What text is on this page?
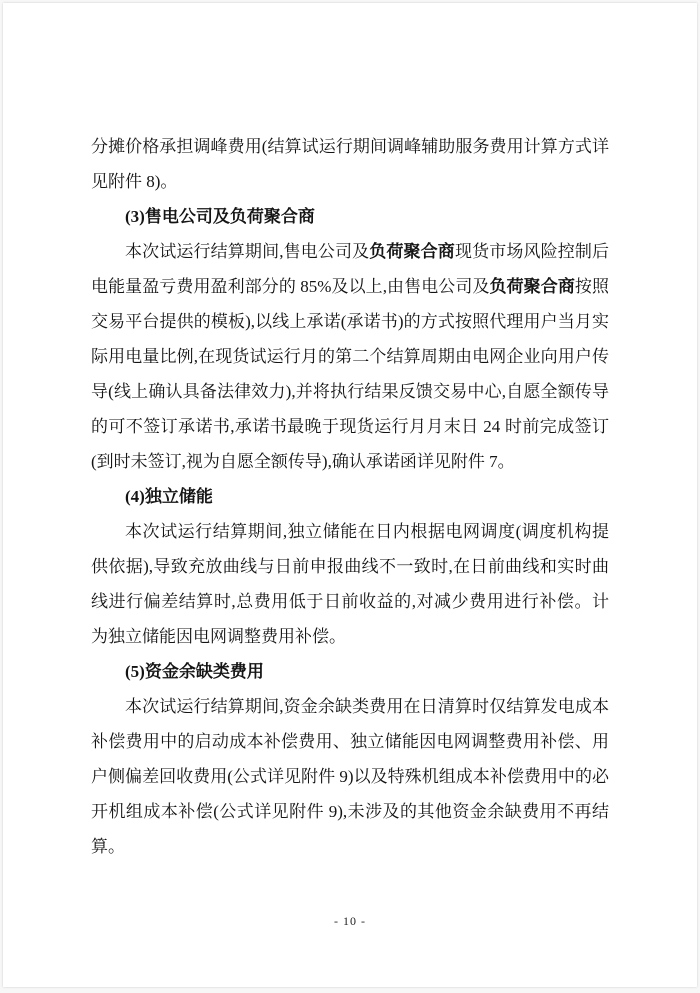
分摊价格承担调峰费用(结算试运行期间调峰辅助服务费用计算方式详见附件 8)。

(3)售电公司及负荷聚合商

本次试运行结算期间,售电公司及负荷聚合商现货市场风险控制后电能量盈亏费用盈利部分的 85%及以上,由售电公司及负荷聚合商按照交易平台提供的模板),以线上承诺(承诺书)的方式按照代理用户当月实际用电量比例,在现货试运行月的第二个结算周期由电网企业向用户传导(线上确认具备法律效力),并将执行结果反馈交易中心,自愿全额传导的可不签订承诺书,承诺书最晚于现货运行月月末日 24 时前完成签订(到时未签订,视为自愿全额传导),确认承诺函详见附件 7。

(4)独立储能

本次试运行结算期间,独立储能在日内根据电网调度(调度机构提供依据),导致充放曲线与日前申报曲线不一致时,在日前曲线和实时曲线进行偏差结算时,总费用低于日前收益的,对减少费用进行补偿。计为独立储能因电网调整费用补偿。

(5)资金余缺类费用

本次试运行结算期间,资金余缺类费用在日清算时仅结算发电成本补偿费用中的启动成本补偿费用、独立储能因电网调整费用补偿、用户侧偏差回收费用(公式详见附件 9)以及特殊机组成本补偿费用中的必开机组成本补偿(公式详见附件 9),未涉及的其他资金余缺费用不再结算。

- 10 -
